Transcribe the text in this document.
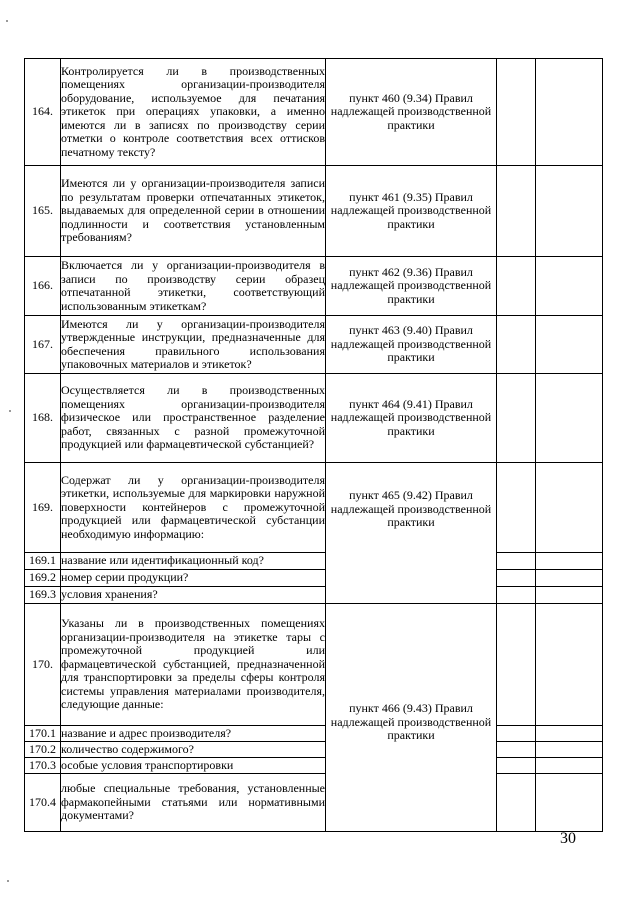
164.	Контролируется ли в производственных помещениях организации-производителя оборудование, используемое для печатания этикеток при операциях упаковки, а именно имеются ли в записях по производству серии отметки о контроле соответствия всех оттисков печатному тексту?	пункт 460 (9.34) Правил надлежащей производственной практики		
165.	Имеются ли у организации-производителя записи по результатам проверки отпечатанных этикеток, выдаваемых для определенной серии в отношении подлинности и соответствия установленным требованиям?	пункт 461 (9.35) Правил надлежащей производственной практики		
166.	Включается ли у организации-производителя в записи по производству серии образец отпечатанной этикетки, соответствующий использованным этикеткам?	пункт 462 (9.36) Правил надлежащей производственной практики		
167.	Имеются ли у организации-производителя утвержденные инструкции, предназначенные для обеспечения правильного использования упаковочных материалов и этикеток?	пункт 463 (9.40) Правил надлежащей производственной практики		
168.	Осуществляется ли в производственных помещениях организации-производителя физическое или пространственное разделение работ, связанных с разной промежуточной продукцией или фармацевтической субстанцией?	пункт 464 (9.41) Правил надлежащей производственной практики		
169.	Содержат ли у организации-производителя этикетки, используемые для маркировки наружной поверхности контейнеров с промежуточной продукцией или фармацевтической субстанции необходимую информацию:	пункт 465 (9.42) Правил надлежащей производственной практики		
169.1	название или идентификационный код?			
169.2	номер серии продукции?			
169.3	условия хранения?			
170.	Указаны ли в производственных помещениях организации-производителя на этикетке тары с промежуточной продукцией или фармацевтической субстанцией, предназначенной для транспортировки за пределы сферы контроля системы управления материалами производителя, следующие данные:	пункт 466 (9.43) Правил надлежащей производственной практики		
170.1	название и адрес производителя?			
170.2	количество содержимого?			
170.3	особые условия транспортировки			
170.4	любые специальные требования, установленные фармакопейными статьями или нормативными документами?			
30
